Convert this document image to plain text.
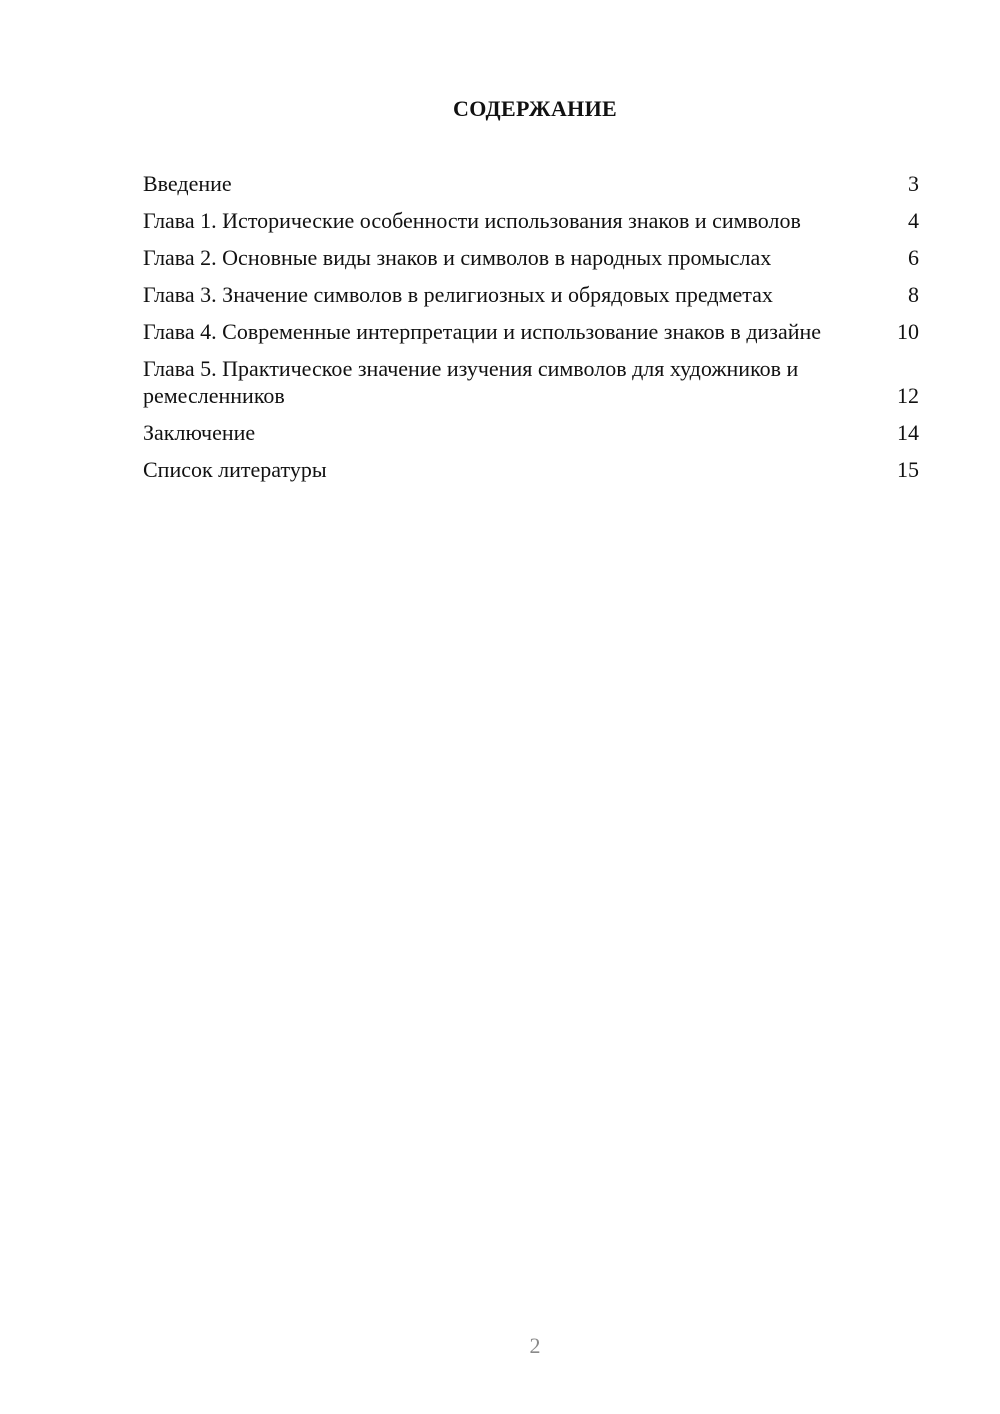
СОДЕРЖАНИЕ
Введение	3
Глава 1. Исторические особенности использования знаков и символов	4
Глава 2. Основные виды знаков и символов в народных промыслах	6
Глава 3. Значение символов в религиозных и обрядовых предметах	8
Глава 4. Современные интерпретации и использование знаков в дизайне	10
Глава 5. Практическое значение изучения символов для художников и ремесленников	12
Заключение	14
Список литературы	15
2
